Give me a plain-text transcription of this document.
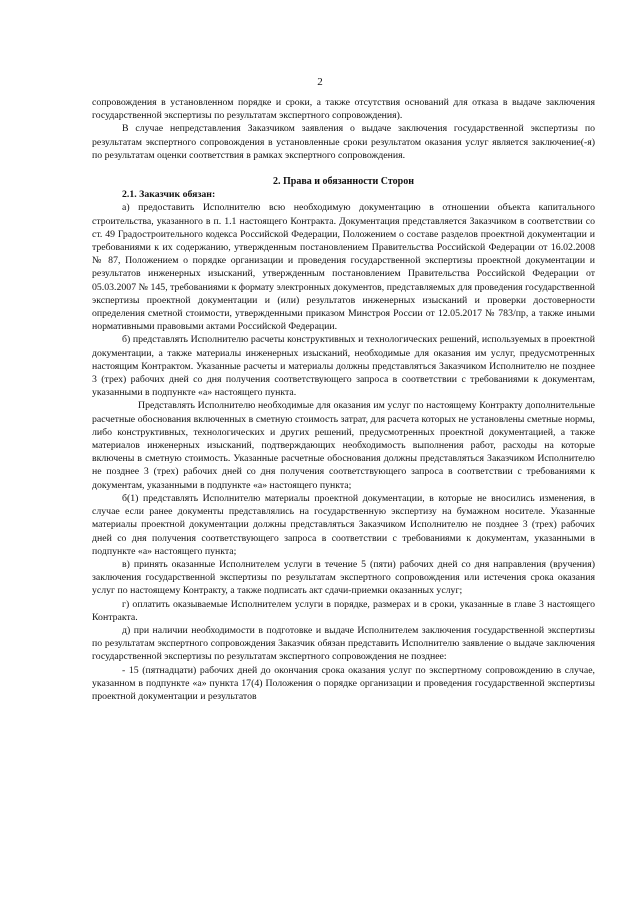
2

сопровождения в установленном порядке и сроки, а также отсутствия оснований для отказа в выдаче заключения государственной экспертизы по результатам экспертного сопровождения).

В случае непредставления Заказчиком заявления о выдаче заключения государственной экспертизы по результатам экспертного сопровождения в установленные сроки результатом оказания услуг является заключение(-я) по результатам оценки соответствия в рамках экспертного сопровождения.

2. Права и обязанности Сторон

2.1. Заказчик обязан:

а) предоставить Исполнителю всю необходимую документацию в отношении объекта капитального строительства, указанного в п. 1.1 настоящего Контракта. Документация представляется Заказчиком в соответствии со ст. 49 Градостроительного кодекса Российской Федерации, Положением о составе разделов проектной документации и требованиями к их содержанию, утвержденным постановлением Правительства Российской Федерации от 16.02.2008 № 87, Положением о порядке организации и проведения государственной экспертизы проектной документации и результатов инженерных изысканий, утвержденным постановлением Правительства Российской Федерации от 05.03.2007 № 145, требованиями к формату электронных документов, представляемых для проведения государственной экспертизы проектной документации и (или) результатов инженерных изысканий и проверки достоверности определения сметной стоимости, утвержденными приказом Минстроя России от 12.05.2017 № 783/пр, а также иными нормативными правовыми актами Российской Федерации.

б) представлять Исполнителю расчеты конструктивных и технологических решений, используемых в проектной документации, а также материалы инженерных изысканий, необходимые для оказания им услуг, предусмотренных настоящим Контрактом. Указанные расчеты и материалы должны представляться Заказчиком Исполнителю не позднее 3 (трех) рабочих дней со дня получения соответствующего запроса в соответствии с требованиями к документам, указанными в подпункте «а» настоящего пункта.

Представлять Исполнителю необходимые для оказания им услуг по настоящему Контракту дополнительные расчетные обоснования включенных в сметную стоимость затрат, для расчета которых не установлены сметные нормы, либо конструктивных, технологических и других решений, предусмотренных проектной документацией, а также материалов инженерных изысканий, подтверждающих необходимость выполнения работ, расходы на которые включены в сметную стоимость. Указанные расчетные обоснования должны представляться Заказчиком Исполнителю не позднее 3 (трех) рабочих дней со дня получения соответствующего запроса в соответствии с требованиями к документам, указанными в подпункте «а» настоящего пункта;

б(1) представлять Исполнителю материалы проектной документации, в которые не вносились изменения, в случае если ранее документы представлялись на государственную экспертизу на бумажном носителе. Указанные материалы проектной документации должны представляться Заказчиком Исполнителю не позднее 3 (трех) рабочих дней со дня получения соответствующего запроса в соответствии с требованиями к документам, указанными в подпункте «а» настоящего пункта;

в) принять оказанные Исполнителем услуги в течение 5 (пяти) рабочих дней со дня направления (вручения) заключения государственной экспертизы по результатам экспертного сопровождения или истечения срока оказания услуг по настоящему Контракту, а также подписать акт сдачи-приемки оказанных услуг;

г) оплатить оказываемые Исполнителем услуги в порядке, размерах и в сроки, указанные в главе 3 настоящего Контракта.

д) при наличии необходимости в подготовке и выдаче Исполнителем заключения государственной экспертизы по результатам экспертного сопровождения Заказчик обязан представить Исполнителю заявление о выдаче заключения государственной экспертизы по результатам экспертного сопровождения не позднее:

- 15 (пятнадцати) рабочих дней до окончания срока оказания услуг по экспертному сопровождению в случае, указанном в подпункте «а» пункта 17(4) Положения о порядке организации и проведения государственной экспертизы проектной документации и результатов
